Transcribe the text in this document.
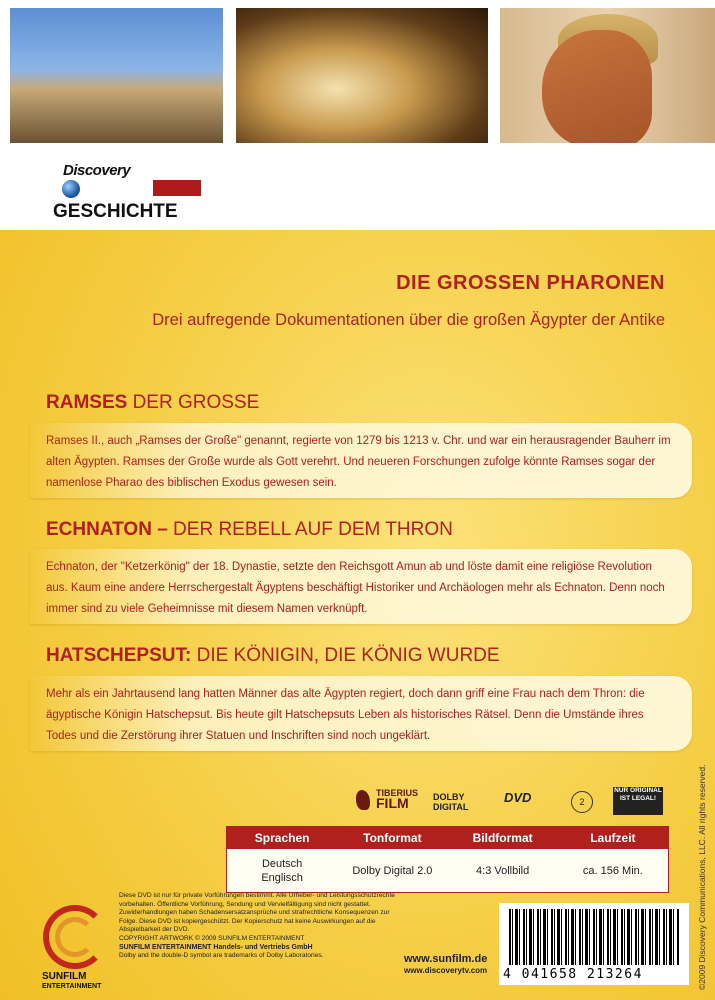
Discovery
GESCHICHTE
DIE GROSSEN PHARONEN
Drei aufregende Dokumentationen über die großen Ägypter der Antike
RAMSES DER GROSSE
Ramses II., auch „Ramses der Große" genannt, regierte von 1279 bis 1213 v. Chr. und war ein herausragender Bauherr im alten Ägypten. Ramses der Große wurde als Gott verehrt. Und neueren Forschungen zufolge könnte Ramses sogar der namenlose Pharao des biblischen Exodus gewesen sein.
ECHNATON – DER REBELL AUF DEM THRON
Echnaton, der "Ketzerkönig" der 18. Dynastie, setzte den Reichsgott Amun ab und löste damit eine religiöse Revolution aus. Kaum eine andere Herrschergestalt Ägyptens beschäftigt Historiker und Archäologen mehr als Echnaton. Denn noch immer sind zu viele Geheimnisse mit diesem Namen verknüpft.
HATSCHEPSUT: DIE KÖNIGIN, DIE KÖNIG WURDE
Mehr als ein Jahrtausend lang hatten Männer das alte Ägypten regiert, doch dann griff eine Frau nach dem Thron: die ägyptische Königin Hatschepsut. Bis heute gilt Hatschepsuts Leben als historisches Rätsel. Denn die Umstände ihres Todes und die Zerstörung ihrer Statuen und Inschriften sind noch ungeklärt.
TIBERIUS
FILM	DOLBY
DIGITAL
DVD	2
NUR ORIGINAL
IST LEGAL!
Sprachen	Tonformat	Bildformat	Laufzeit
Deutsch
Englisch
Dolby Digital 2.0	4:3 Vollbild	ca. 156 Min.
SUNFILM
ENTERTAINMENT
Diese DVD ist nur für private Vorführungen bestimmt. Alle Urheber- und Leistungsschutzrechte vorbehalten. Öffentliche Vorführung, Sendung und Vervielfältigung sind nicht gestattet. Zuwiderhandlungen haben Schadensersatzansprüche und strafrechtliche Konsequenzen zur Folge. Diese DVD ist kopiergeschützt. Der Kopierschutz hat keine Auswirkungen auf die Abspielbarkeit der DVD.
COPYRIGHT ARTWORK © 2009 SUNFILM ENTERTAINMENT
SUNFILM ENTERTAINMENT Handels- und Vertriebs GmbH
Dolby and the double-D symbol are trademarks of Dolby Laboratories.	www.sunfilm.de
www.discoverytv.com 4 041658 213264	©2009 Discovery Communications, LLC. All rights reserved.
